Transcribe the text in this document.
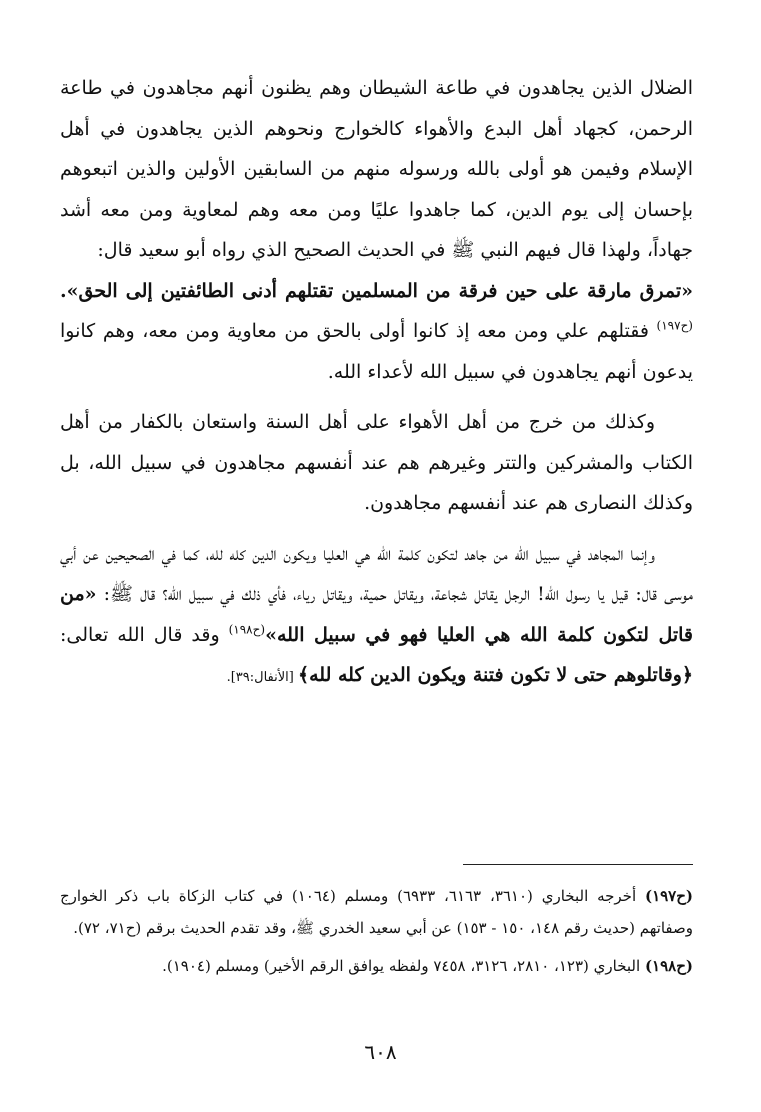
الضلال الذين يجاهدون في طاعة الشيطان وهم يظنون أنهم مجاهدون في طاعة الرحمن، كجهاد أهل البدع والأهواء كالخوارج ونحوهم الذين يجاهدون في أهل الإسلام وفيمن هو أولى بالله ورسوله منهم من السابقين الأولين والذين اتبعوهم بإحسان إلى يوم الدين، كما جاهدوا عليًا ومن معه وهم لمعاوية ومن معه أشد جهاداً، ولهذا قال فيهم النبي ﷺ في الحديث الصحيح الذي رواه أبو سعيد قال:
«تمرق مارقة على حين فرقة من المسلمين تقتلهم أدنى الطائفتين إلى الحق».$^{(ح١٩٧)}$ فقتلهم علي ومن معه إذ كانوا أولى بالحق من معاوية ومن معه، وهم كانوا يدعون أنهم يجاهدون في سبيل الله لأعداء الله.

وكذلك من خرج من أهل الأهواء على أهل السنة واستعان بالكفار من أهل الكتاب والمشركين والتتر وغيرهم هم عند أنفسهم مجاهدون في سبيل الله، بل وكذلك النصارى هم عند أنفسهم مجاهدون.

وإنما المجاهد في سبيل الله من جاهد لتكون كلمة الله هي العليا ويكون الدين كله لله، كما في الصحيحين عن أبي موسى قال: قيل يا رسول الله! الرجل يقاتل شجاعة، ويقاتل حمية، ويقاتل رياء، فأي ذلك في سبيل الله؟ قال ﷺ: «من قاتل لتكون كلمة الله هي العليا فهو في سبيل الله»$^{(ح١٩٨)}$ وقد قال الله تعالى: ﴿وقاتلوهم حتى لا تكون فتنة ويكون الدين كله لله﴾ [الأنفال:٣٩].

(ح١٩٧) أخرجه البخاري (٣٦١٠، ٦١٦٣، ٦٩٣٣) ومسلم (١٠٦٤) في كتاب الزكاة باب ذكر الخوارج وصفاتهم (حديث رقم ١٤٨، ١٥٠ - ١٥٣) عن أبي سعيد الخدري ﷺ، وقد تقدم الحديث برقم (ح٧١، ٧٢).

(ح١٩٨) البخاري (١٢٣، ٢٨١٠، ٣١٢٦، ٧٤٥٨ ولفظه يوافق الرقم الأخير) ومسلم (١٩٠٤).

٦٠٨
